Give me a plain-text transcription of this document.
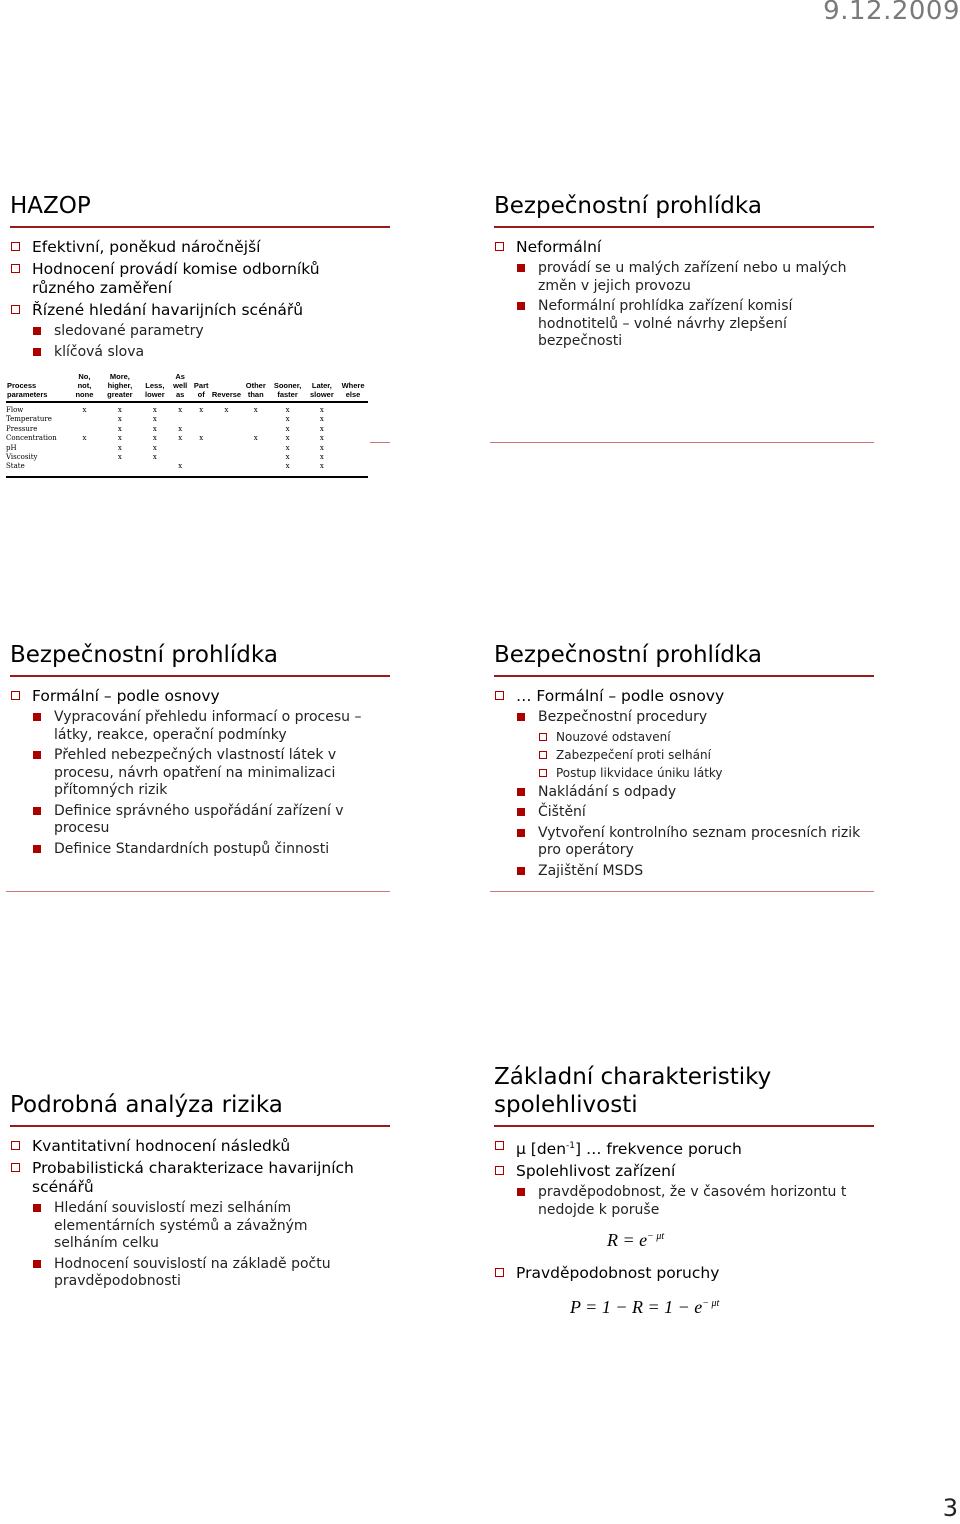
9.12.2009
HAZOP
Efektivní, poněkud náročnější
Hodnocení provádí komise odborníků různého zaměření
Řízené hledání havarijních scénářů
sledované parametry
klíčová slova
Process parameters	No, not, none	More, higher, greater	Less, lower	As well as	Part of	Reverse	Other than	Sooner, faster	Later, slower	Where else
Flow	x	x	x	x	x	x	x	x	x	
Temperature		x	x					x	x	
Pressure		x	x	x				x	x	
Concentration	x	x	x	x	x		x	x	x	
pH		x	x					x	x	
Viscosity		x	x					x	x	
State				x				x	x	

Bezpečnostní prohlídka
Neformální
provádí se u malých zařízení nebo u malých změn v jejich provozu
Neformální prohlídka zařízení komisí hodnotitelů – volné návrhy zlepšení bezpečnosti
Bezpečnostní prohlídka
Formální – podle osnovy
Vypracování přehledu informací o procesu – látky, reakce, operační podmínky
Přehled nebezpečných vlastností látek v procesu, návrh opatření na minimalizaci přítomných rizik
Definice správného uspořádání zařízení v procesu
Definice Standardních postupů činnosti
Bezpečnostní prohlídka
… Formální – podle osnovy
Bezpečnostní procedury
Nouzové odstavení
Zabezpečení proti selhání
Postup likvidace úniku látky
Nakládání s odpady
Čištění
Vytvoření kontrolního seznam procesních rizik pro operátory
Zajištění MSDS
Podrobná analýza rizika
Kvantitativní hodnocení následků
Probabilistická charakterizace havarijních scénářů
Hledání souvislostí mezi selháním elementárních systémů a závažným selháním celku
Hodnocení souvislostí na základě počtu pravděpodobnosti
Základní charakteristiky spolehlivosti
μ [den$^{-1}$] … frekvence poruch
Spolehlivost zařízení
pravděpodobnost, že v časovém horizontu t nedojde k poruše
$R = e^{- \mu t}$
Pravděpodobnost poruchy
$P = 1 - R = 1 - e^{- \mu t}$
3
